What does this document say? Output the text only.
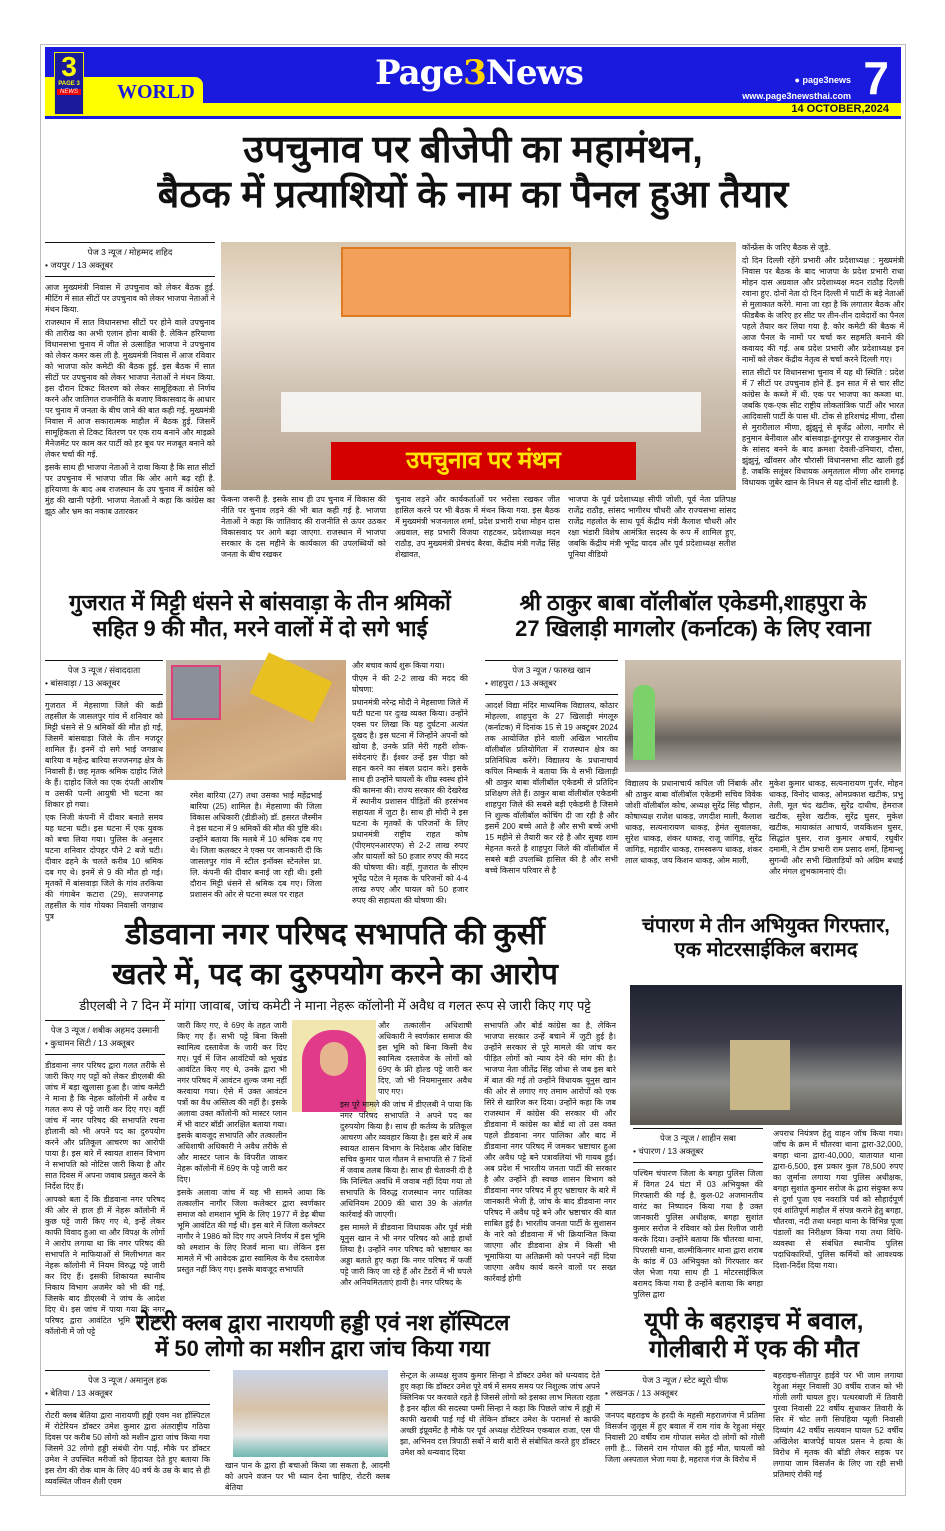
3
PAGE 3
NEWS WORLD	Page3News	● page3news
www.page3newsthai.com 7
14 OCTOBER,2024
उपचुनाव पर बीजेपी का महामंथन,
बैठक में प्रत्याशियों के नाम का पैनल हुआ तैयार
पेज 3 न्यूज / मोहम्मद शहिद
• जयपुर / 13 अक्तूबर

आज मुख्यमंत्री निवास में उपचुनाव को लेकर बैठक हुई. मीटिंग में सात सीटों पर उपचुनाव को लेकर भाजपा नेताओं ने मंथन किया.

राजस्थान में सात विधानसभा सीटों पर होने वाले उपचुनाव की तारीख का अभी एलान होना बाकी है. लेकिन हरियाणा विधानसभा चुनाव में जीत से उत्साहित भाजपा ने उपचुनाव को लेकर कमर कस ली है. मुख्यमंत्री निवास में आज रविवार को भाजपा कोर कमेटी की बैठक हुई. इस बैठक में सात सीटों पर उपचुनाव को लेकर भाजपा नेताओं ने मंथन किया. इस दौरान टिकट वितरण को लेकर सामूहिकता से निर्णय करने और जातिगत राजनीति के बजाए विकासवाद के आधार पर चुनाव में जनता के बीच जाने की बात कही गई. मुख्यमंत्री निवास में आज सकारात्मक माहौल में बैठक हुई. जिसमें सामूहिकता से टिकट वितरण पर एक राय बनाने और माइक्रो मैनेजमेंट पर काम कर पार्टी को हर बूथ पर मजबूत बनाने को लेकर चर्चा की गई.

इसके साथ ही भाजपा नेताओं ने दावा किया है कि सात सीटों पर उपचुनाव में भाजपा जीत कि ओर आगे बढ़ रही है. हरियाणा के बाद अब राजस्थान के उप चुनाव में कांग्रेस को मुंह की खानी पड़ेगी. भाजपा नेताओं ने कहा कि कांग्रेस का झूठ और भ्रम का नकाब उतारकर

उपचुनाव पर मंथन

फेंकना जरूरी है. इसके साथ ही उप चुनाव में विकास की नीति पर चुनाव लड़ने की भी बात कही गई है. भाजपा नेताओं ने कहा कि जातिवाद की राजनीति से ऊपर उठकर विकासवाद पर आगे बढ़ा जाएगा. राजस्थान में भाजपा सरकार के दस महीने के कार्यकाल की उपलब्धियों को जनता के बीच रखकर

चुनाव लड़ने और कार्यकर्ताओं पर भरोसा रखकर जीत हासिल करने पर भी बैठक में मंथन किया गया. इस बैठक में मुख्यमंत्री भजनलाल शर्मा, प्रदेश प्रभारी राधा मोहन दास अग्रवाल, सह प्रभारी विजया राहटकर, प्रदेशाध्यक्ष मदन राठौड़, उप मुख्यमंत्री प्रेमचंद बैरवा, केंद्रीय मंत्री गजेंद्र सिंह शेखावत,

भाजपा के पूर्व प्रदेशाध्यक्ष सीपी जोशी, पूर्व नेता प्रतिपक्ष राजेंद्र राठौड़, सांसद भागीरथ चौधरी और राज्यसभा सांसद राजेंद्र गहलोत के साथ पूर्व केंद्रीय मंत्री कैलाश चौधरी और रक्षा भंडारी विशेष आमंत्रित सदस्य के रूप में शामिल हुए, जबकि केंद्रीय मंत्री भूपेंद्र यादव और पूर्व प्रदेशाध्यक्ष सतीश पूनिया वीडियो

कॉन्फ्रेंस के जरिए बैठक से जुड़े.

दो दिन दिल्ली रहेंगे प्रभारी और प्रदेशाध्यक्ष : मुख्यमंत्री निवास पर बैठक के बाद भाजपा के प्रदेश प्रभारी राधा मोहन दास अग्रवाल और प्रदेशाध्यक्ष मदन राठौड़ दिल्ली रवाना हुए. दोनों नेता दो दिन दिल्ली में पार्टी के बड़े नेताओं से मुलाकात करेंगे. माना जा रहा है कि लगातार बैठक और फीडबैक के जरिए हर सीट पर तीन-तीन दावेदारों का पैनल पहले तैयार कर लिया गया है. कोर कमेटी की बैठक में आज पैनल के नामों पर चर्चा कर सहमति बनाने की कवायद की गई. अब प्रदेश प्रभारी और प्रदेशाध्यक्ष इन नामों को लेकर केंद्रीय नेतृत्व से चर्चा करने दिल्ली गए।

सात सीटों पर विधानसभा चुनाव में यह थी स्थिति : प्रदेश में 7 सीटों पर उपचुनाव होने हैं. इन सात में से चार सीट कांग्रेस के कब्जे में थी. एक पर भाजपा का कब्जा था. जबकि एक-एक सीट राष्ट्रीय लोकतांत्रिक पार्टी और भारत आदिवासी पार्टी के पास थी. टोंक से हरिशचंद्र मीणा, दौसा से मुरारीलाल मीणा, झुंझुनूं से बृजेंद्र ओला, नागौर से हनुमान बेनीवाल और बांसवाड़ा-डूंगरपुर से राजकुमार रोत के सांसद बनने के बाद क्रमशः देवली-उनियारा, दौसा, झुंझुनूं, खींवसर और चौरासी विधानसभा सीट खाली हुई है. जबकि सलूंबर विधायक अमृतलाल मीणा और रामगढ़ विधायक जुबेर खान के निधन से यह दोनों सीट खाली है.

गुजरात में मिट्टी धंसने से बांसवाड़ा के तीन श्रमिकों
सहित 9 की मौत, मरने वालों में दो सगे भाई
पेज 3 न्यूज / संवाददाता
• बांसवाड़ा / 13 अक्तूबर

गुजरात में मेहसाणा जिले की कडी तहसील के जासलपुर गांव में शनिवार को मिट्टी धंसने से 9 श्रमिकों की मौत हो गई, जिसमें बांसवाड़ा जिले के तीन मजदूर शामिल हैं। इनमें दो सगे भाई जगन्नाथ बारिया व महेन्द्र बारिया सज्जनगढ़ क्षेत्र के निवासी हैं। छह मृतक श्रमिक दाहोद जिले के हैं। दाहोद जिले का एक दंपती आशीष व उसकी पत्नी आयुषी भी घटना का शिकार हो गया।

एक निजी कंपनी में दीवार बनाते समय यह घटना घटी। इस घटना में एक युवक को बचा लिया गया। पुलिस के अनुसार घटना शनिवार दोपहर पौने 2 बजे घटी। दीवार ढहने के चलते करीब 10 श्रमिक दब गए थे। इनमें से 9 की मौत हो गई। मृतकों में बांसवाड़ा जिले के गांव तरकिया की गंगाबेन कटारा (29), सज्जनगढ़ तहसील के गांव गोयका निवासी जगन्नाथ पुत्र

रमेश बारिया (27) तथा उसका भाई महेंद्रभाई बारिया (25) शामिल है। मेहसाणा की जिला विकास अधिकारी (डीडीओ) डॉ. हसरत जैस्मीन ने इस घटना में 9 श्रमिकों की मौत की पुष्टि की। उन्होंने बताया कि मलबे में 10 श्रमिक दब गए थे। जिला कलक्टर ने एक्स पर जानकारी दी कि जासलपुर गांव में स्टील इनॉक्स स्टेनलेस प्रा. लि. कंपनी की दीवार बनाई जा रही थी। इसी दौरान मिट्टी धंसने से श्रमिक दब गए। जिला प्रशासन की ओर से घटना स्थल पर राहत

और बचाव कार्य शुरू किया गया।

पीएम ने की 2-2 लाख की मदद की घोषणा:

प्रधानमंत्री नरेन्द्र मोदी ने मेहसाणा जिले में घटी घटना पर दुःख व्यक्त किया। उन्होंने एक्स पर लिखा कि यह दुर्घटना अत्यंत दुखद है। इस घटना में जिन्होंने अपनों को खोया है, उनके प्रति मेरी गहरी शोक-संवेदनाएं हैं। ईश्वर उन्हें इस पीड़ा को सहन करने का संबल प्रदान करे। इसके साथ ही उन्होंने घायलों के शीघ्र स्वस्थ होने की कामना की। राज्य सरकार की देखरेख में स्थानीय प्रशासन पीड़ितों की हरसंभव सहायता में जुटा है। साथ ही मोदी ने इस घटना के मृतकों के परिजनों के लिए प्रधानमंत्री राष्ट्रीय राहत कोष (पीएमएनआरएफ) से 2-2 लाख रुपए और घायलों को 50 हजार रुपए की मदद की घोषणा की। वहीं, गुजरात के सीएम भूपेंद्र पटेल ने मृतक के परिजनों को 4-4 लाख रुपए और घायल को 50 हजार रुपए की सहायता की घोषणा की।

श्री ठाकुर बाबा वॉलीबॉल एकेडमी,शाहपुरा के
27 खिलाड़ी मागलोर (कर्नाटक) के लिए रवाना
पेज 3 न्यूज / फारुख खान
• शाहपुरा / 13 अक्तूबर

आदर्श विद्या मंदिर माध्यमिक विद्यालय, कोठार मोहल्ला, शाहपुरा के 27 खिलाड़ी मंगलूरु (कर्नाटक) में दिनांक 15 से 19 अक्टूबर 2024 तक आयोजित होने वाली अखिल भारतीय वॉलीबॉल प्रतियोगिता में राजस्थान क्षेत्र का प्रतिनिधित्व करेंगे। विद्यालय के प्रधानाचार्य कपिल निम्बार्क ने बताया कि ये सभी खिलाड़ी श्री ठाकुर बाबा वॉलीबॉल एकेडमी से प्रतिदिन प्रशिक्षण लेते हैं। ठाकुर बाबा वॉलीबॉल एकेडमी शाहपुरा जिले की सबसे बड़ी एकेडमी है जिसमे नि शुल्क वॉलीबॉल कोचिंग दी जा रही है और इसमें 200 बच्चे आते है और सभी बच्चे अभी 15 महीने से तैयारी कर रहे है और सुबह शाम मेहनत करते है शाहपुरा जिले की वॉलीबॉल में सबसे बड़ी उपलब्धि हासिल की है और सभी बच्चे किसान परिवार से है

विद्यालय के प्रधानाचार्य कपिल जी निंबार्क और श्री ठाकुर बाबा वॉलीबॉल एकेडमी सचिव विवेक जोशी वॉलीबॉल कोच, अध्यक्ष सुरेंद्र सिंह चौहान, कोषाध्यक्ष राजेश धाकड़, जगदीश माली, कैलाश धाकड़, सत्यनारायण धाकड़, हेमंत सुवालका, सुरेश धाकड़, शंकर धाकड़, राजू जांगिड़, सुरेंद्र जांगिड़, महावीर धाकड़, रामस्वरूप धाकड़, शंकर लाल धाकड़, जय किशन धाकड़, ओम माली,

मुकेश कुमार धाकड़, सत्यनारायण गुर्जर, मोहन धाकड़, विनोद धाकड़, ओमप्रकाश खटीक, प्रभु तेली, मूल चंद खटीक, सुरेंद्र दाधीच, हेमराज खटीक, सुरेश खटीक, सुरेंद्र घुसर, मुकेश खटीक, मायाकांत आचार्य, जयकिशन घुसर, सिद्धांत घुसर, राज कुमार अचार्य, रघुवीर दमामी, ने टीम प्रभारी राम प्रसाद शर्मा, हिमान्शु सुगन्धी और सभी खिलाड़ियों को अग्रिम बधाई और मंगल शुभकामनाएं दी।

डीडवाना नगर परिषद सभापति की कुर्सी
खतरे में, पद का दुरुपयोग करने का आरोप
डीएलबी ने 7 दिन में मांगा जावाब, जांच कमेटी ने माना नेहरू कॉलोनी में अवैध व गलत रूप से जारी किए गए पट्टे
पेज 3 न्यूज / शबीक अहमद उस्मानी
• कुचामन सिटी / 13 अक्तूबर

डीडवाना नगर परिषद द्वारा गलत तरीके से जारी किए गए पट्टों को लेकर डीएलबी की जांच में बड़ा खुलासा हुआ है। जांच कमेटी ने माना है कि नेहरू कॉलोनी में अवैध व गलत रूप से पट्टे जारी कर दिए गए। वहीं जांच में नगर परिषद की सभापति रचना होलानी को भी अपने पद का दुरुपयोग करने और प्रतिकूल आचरण का आरोपी पाया है। इस बारे में स्वायत शासन विभाग ने सभापति को नोटिस जारी किया है और सात दिवस में अपना जवाब प्रस्तुत करने के निर्देश दिए हैं।

आपको बता दें कि डीडवाना नगर परिषद की ओर से हाल ही में नेहरू कॉलोनी में कुछ पट्टे जारी किए गए थे, इन्हें लेकर काफी विवाद हुआ था और विपक्ष के लोगों ने आरोप लगाया था कि नगर परिषद की सभापति ने माफियाओं से मिलीभगत कर नेहरू कॉलोनी में नियम विरुद्ध पट्टे जारी कर दिए हैं। इसकी शिकायत स्थानीय निकाय विभाग अजमेर को भी की गई, जिसके बाद डीएलबी ने जांच के आदेश दिए थे। इस जांच में पाया गया कि नगर परिषद द्वारा आवंटित भूमि पर नेहरू कॉलोनी में जो पट्टे

जारी किए गए, वे 69ए के तहत जारी किए गए हैं। सभी पट्टे बिना किसी स्वामित्व दस्तावेज के जारी कर दिए गए। पूर्व में जिन आवंटियों को भूखंड आवंटित किए गए थे, उनके द्वारा भी नगर परिषद में आवंटन शुल्क जमा नहीं करवाया गया। ऐसे में उक्त आवंटन पत्रों का वैध अस्तित्व की नहीं है। इसके अलावा उक्त कॉलोनी को मास्टर प्लान में भी वाटर बॉडी आरक्षित बताया गया। इसके बावजूद सभापति और तत्कालीन अधिशाषी अधिकारी ने अवैध तरीके से और मास्टर प्लान के विपरीत जाकर नेहरू कॉलोनी में 69ए के पट्टे जारी कर दिए।

इसके अलावा जांच में यह भी सामने आया कि तत्कालीन नागौर जिला कलेक्टर द्वारा स्वर्णकार समाज को शमशान भूमि के लिए 1977 में डेढ़ बीघा भूमि आवंटित की गई थी। इस बारे में जिला कलेक्टर नागौर ने 1986 को दिए गए अपने निर्णय में इस भूमि को श्मशान के लिए रिजर्व माना था। लेकिन इस मामले में भी आवेदक द्वारा स्वामित्व के वैध दस्तावेज प्रस्तुत नहीं किए गए। इसके बावजूद सभापति

और तत्कालीन अधिशाषी अधिकारी ने स्वर्णकार समाज की इस भूमि को बिना किसी वैध स्वामित्व दस्तावेज के लोगों को 69ए के फ्री होल्ड पट्टे जारी कर दिए, जो भी नियमानुसार अवैध पाए गए।

इस पूरे मामले की जांच में डीएलबी ने पाया कि नगर परिषद सभापति ने अपने पद का दुरुपयोग किया है। साथ ही कर्तव्य के प्रतिकूल आचरण और व्यवहार किया है। इस बारे में अब स्वायत शासन विभाग के निदेशक और विशिष्ट सचिव कुमार पाल गौतम ने सभापति से 7 दिनों में जवाब तलब किया है। साथ ही चेतावनी दी है कि निश्चित अवधि में जवाब नहीं दिया गया तो सभापति के विरुद्ध राजस्थान नगर पालिका अधिनियम 2009 की धारा 39 के अंतर्गत कार्रवाई की जाएगी।

इस मामले में डीडवाना विधायक और पूर्व मंत्री यूनुस खान ने भी नगर परिषद को आड़े हाथों लिया है। उन्होंने नगर परिषद को भ्रष्टाचार का अड्डा बताते हुए कहा कि नगर परिषद में फर्जी पट्टे जारी किए जा रहे हैं और टेंडरों में भी घपले और अनियमितताएं हावी है। नगर परिषद के

सभापति और बोर्ड कांग्रेस का है, लेकिन भाजपा सरकार उन्हें बचाने में जुटी हुई है। उन्होंने सरकार से पूरे मामले की जांच कर पीड़ित लोगों को न्याय देने की मांग की है। भाजपा नेता जीतेंद्र सिंह जोधा से जब इस बारे में बात की गई तो उन्होंने विधायक यूनुस खान की ओर से लगाए गए तमाम आरोपों को एक सिरे से खारिज कर दिया। उन्होंने कहा कि जब राजस्थान में कांग्रेस की सरकार थी और डीडवाना में कांग्रेस का बोर्ड था तो उस वक्त पहले डीडवाना नगर पालिका और बाद में डीडवाना नगर परिषद में जमकर भ्रष्टाचार हुआ और अवैध पट्टे बने पत्रावलियां भी गायब हुई। अब प्रदेश में भारतीय जनता पार्टी की सरकार है और उन्होंने ही स्वच्छ शासन विभाग को डीडवाना नगर परिषद में हुए भ्रष्टाचार के बारे में जानकारी भेजी है, जांच के बाद डीडवाना नगर परिषद में अवैध पट्टे बने और भ्रष्टाचार की बात साबित हुई है। भारतीय जनता पार्टी के सुशासन के नारे को डीडवाना में भी क्रियान्वित किया जाएगा और डीडवाना क्षेत्र में किसी भी भूमाफिया या अतिक्रमी को पनपने नहीं दिया जाएगा अवैध कार्य करने वालों पर सख्त कार्रवाई होगी

चंपारण मे तीन अभियुक्त गिरफ्तार,
एक मोटरसाईकिल बरामद
पेज 3 न्यूज / शाहीन सबा
• चंपारण / 13 अक्तूबर

पश्चिम चंपारण जिला के बगहा पुलिस जिला में विगत 24 घंटा में 03 अभियुक्त की गिरफ्तारी की गई है, कुल-02 अजमानतीय वारंट का निष्पादन किया गया है उक्त जानकारी पुलिस अधीक्षक, बगहा सुशांत कुमार सरोज ने रविवार को प्रेस रिलीज जारी करके दिया। उन्होंने बताया कि चौतरवा थाना, पिपरासी थाना, वाल्मीकिनगर थाना द्वारा शराब के कांड में 03 अभियुक्त को गिरफ्तार कर जेल भेजा गया साथ ही 1 मोटरसाईकिल बरामद किया गया है उन्होंने बताया कि बगहा पुलिस द्वारा

अपराध नियंत्रण हेतु वाहन जॉच किया गया। जॉच के क्रम में चौतरवा थाना द्वारा-32,000, बगहा थाना द्वारा-40,000, यातायात थाना द्वारा-6,500, इस प्रकार कुल 78,500 रुपए का जुर्माना लगाया गया पुलिस अधीक्षक, बगहा सुशांत कुमार सरोज के द्वारा संयुक्त रूप से दुर्गा पूजा एव नवरात्रि पर्व को सौहार्दपूर्ण एवं शांतिपूर्ण माहौल में संपन्न कराने हेतु बगहा, चौतरवा, नदी तथा धनहा थाना के विभिन्न पूजा पंडालों का निरीक्षण किया गया तथा विधि- व्यवस्था से संबंधित स्थानीय पुलिस पदाधिकारियों, पुलिस कर्मियों को आवश्यक दिशा-निर्देश दिया गया।

रोटरी क्लब द्वारा नारायणी हड्डी एवं नश हॉस्पिटल
में 50 लोगो का मशीन द्वारा जांच किया गया
पेज 3 न्यूज / अमानुल हक
• बेतिया / 13 अक्तूबर

रोटरी क्लब बेतिया द्वारा नारायणी हड्डी एवम नश हॉस्पिटल में रोटेरियन डॉक्टर उमेश कुमार द्वारा अंतराष्ट्रीय गठिया दिवस पर करीब 50 लोगो को मशीन द्वारा जांच किया गया जिसमे 32 लोगो हड्डी संबंधी रोग पाई, मौके पर डॉक्टर उमेश ने उपस्थित मरीजों को हिदायत देते हुए बताया कि इस रोग की रोक थाम के लिए 40 वर्ष के उम्र के बाद से ही व्यवस्थित जीवन शैली एवम

खान पान के द्वारा ही बचाओ किया जा सकता है, आदमी को अपने वजन पर भी ध्यान देना चाहिए, रोटरी क्लब बेतिया

सेन्ट्रल के अध्यक्ष सुजय कुमार सिन्हा ने डॉक्टर उमेश को धन्यवाद देते हुए कहा कि डॉक्टर उमेश पूरे वर्ष में समय समय पर निशुल्क जांच अपने क्लिनिक पर करवाते रहते है जिससे लोगो को इसका लाभ मिलता रहता है इनर व्हील की सदस्या पम्मी सिन्हा ने कहा कि पिछले जांच में हड्डी में काफी खराबी पाई गई थी लेकिन डॉक्टर उमेश के परामर्श से काफी अच्छी इंप्रूवमेंट है मौके पर पूर्व अध्यक्ष रोटेरियन एकबाल राजा, एस पी झा, अभिनव दत्त त्रिपाठी सबों ने बारी बारी से संबोधित करते हुए डॉक्टर उमेश को धन्यवाद दिया

यूपी के बहराइच में बवाल,
गोलीबारी में एक की मौत
पेज 3 न्यूज / स्टेट ब्यूरो चीफ
• लखनऊ / 13 अक्तूबर

जनपद बहराइच के हरदी के महसी महराजगंज में प्रतिमा विसर्जन जुलूस में हुए बवाल में राम गांव के रेहुआ मंसूर निवासी 20 वर्षीय राम गोपाल समेत दो लोगों को गोली लगी है... जिसमे राम गोपाल की हुई मौत, घायलों को जिला अस्पताल भेजा गया है, महराज गंज के विरोध में

बहराइच-सीतापुर हाईवे पर भी जाम लगाया रेहुआ मंसूर निवासी 30 वर्षीय राजन को भी गोली लगी घायल हुए। पत्थरबाजी में तिवारी पुरवा निवासी 22 वर्षीय सुधाकर तिवारी के सिर में चोट लगी सिपहिया प्यूली निवासी दिव्यांग 42 वर्षीय सत्यवान घायल 52 वर्षीय अखिलेश बाजपेई घायल प्रसन ने हत्या के विरोध में मृतक की बॉडी लेकर सड़क पर लगाया जाम विसर्जन के लिए जा रही सभी प्रतिमाएं रोकी गई
